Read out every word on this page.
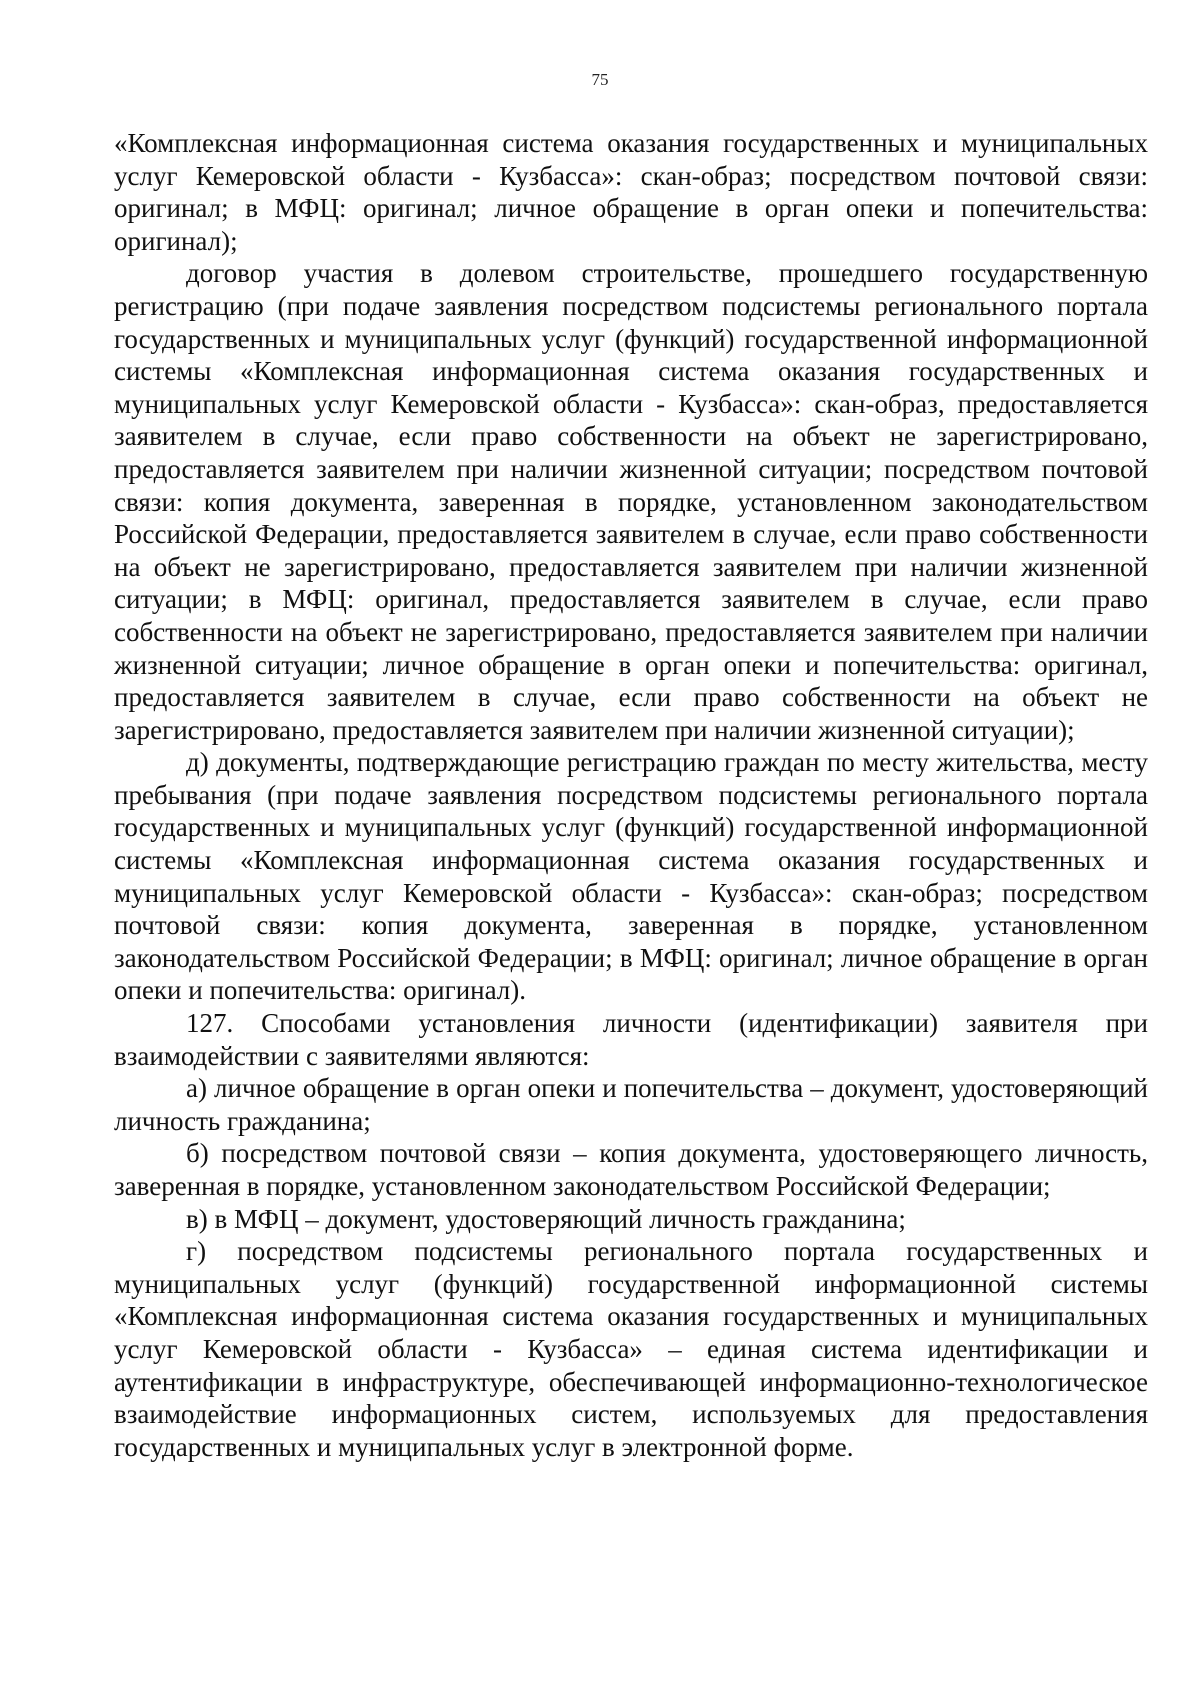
75

«Комплексная информационная система оказания государственных и муниципальных услуг Кемеровской области - Кузбасса»: скан-образ; посредством почтовой связи: оригинал; в МФЦ: оригинал; личное обращение в орган опеки и попечительства: оригинал);

договор участия в долевом строительстве, прошедшего государственную регистрацию (при подаче заявления посредством подсистемы регионального портала государственных и муниципальных услуг (функций) государственной информационной системы «Комплексная информационная система оказания государственных и муниципальных услуг Кемеровской области - Кузбасса»: скан-образ, предоставляется заявителем в случае, если право собственности на объект не зарегистрировано, предоставляется заявителем при наличии жизненной ситуации; посредством почтовой связи: копия документа, заверенная в порядке, установленном законодательством Российской Федерации, предоставляется заявителем в случае, если право собственности на объект не зарегистрировано, предоставляется заявителем при наличии жизненной ситуации; в МФЦ: оригинал, предоставляется заявителем в случае, если право собственности на объект не зарегистрировано, предоставляется заявителем при наличии жизненной ситуации; личное обращение в орган опеки и попечительства: оригинал, предоставляется заявителем в случае, если право собственности на объект не зарегистрировано, предоставляется заявителем при наличии жизненной ситуации);

д) документы, подтверждающие регистрацию граждан по месту жительства, месту пребывания (при подаче заявления посредством подсистемы регионального портала государственных и муниципальных услуг (функций) государственной информационной системы «Комплексная информационная система оказания государственных и муниципальных услуг Кемеровской области - Кузбасса»: скан-образ; посредством почтовой связи: копия документа, заверенная в порядке, установленном законодательством Российской Федерации; в МФЦ: оригинал; личное обращение в орган опеки и попечительства: оригинал).

127. Способами установления личности (идентификации) заявителя при взаимодействии с заявителями являются:

а) личное обращение в орган опеки и попечительства – документ, удостоверяющий личность гражданина;

б) посредством почтовой связи – копия документа, удостоверяющего личность, заверенная в порядке, установленном законодательством Российской Федерации;

в) в МФЦ – документ, удостоверяющий личность гражданина;

г) посредством подсистемы регионального портала государственных и муниципальных услуг (функций) государственной информационной системы «Комплексная информационная система оказания государственных и муниципальных услуг Кемеровской области - Кузбасса» – единая система идентификации и аутентификации в инфраструктуре, обеспечивающей информационно-технологическое взаимодействие информационных систем, используемых для предоставления государственных и муниципальных услуг в электронной форме.
